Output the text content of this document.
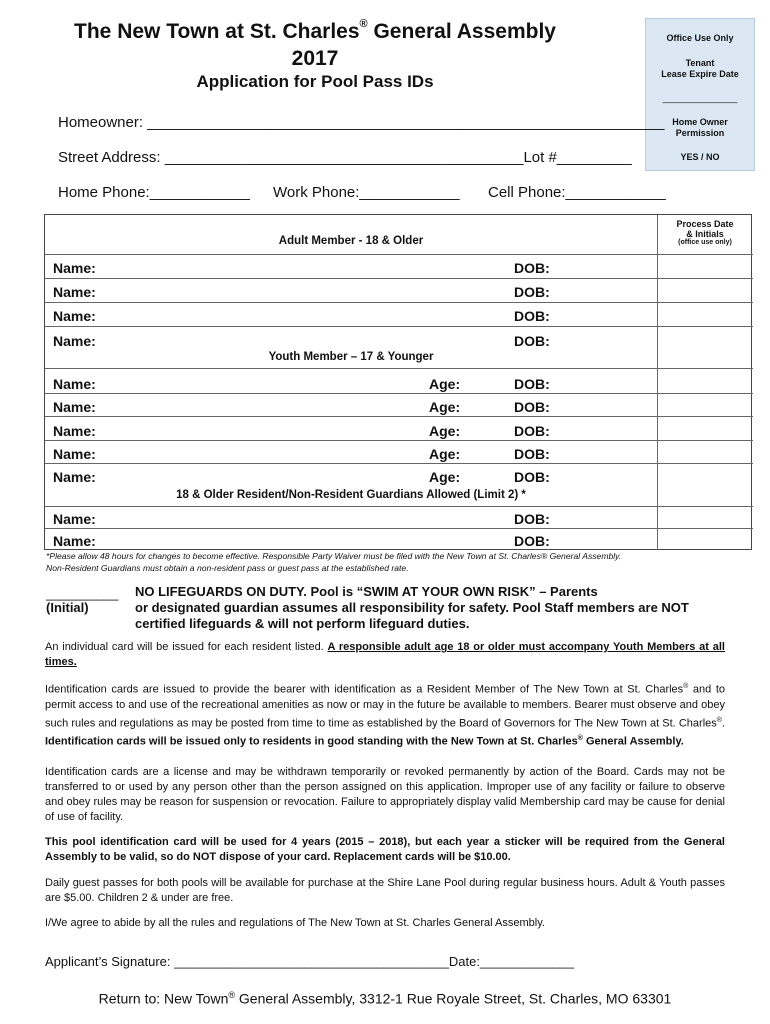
The New Town at St. Charles® General Assembly
2017
Application for Pool Pass IDs
Office Use Only
Tenant
Lease Expire Date
_______________
Home Owner
Permission
YES / NO
Homeowner: ______________________________________________________________
Street Address: ___________________________________________Lot #_________
Home Phone:____________ Work Phone:____________ Cell Phone:____________
Adult Member - 18 & Older
Process Date
& Initials
(office use only)
Name:	DOB:
Name:	DOB:
Name:	DOB:
Name:	DOB:
Youth Member – 17 & Younger
Name:	Age:	DOB:
Name:	Age:	DOB:
Name:	Age:	DOB:
Name:	Age:	DOB:
Name:	Age:	DOB:
18 & Older Resident/Non-Resident Guardians Allowed (Limit 2) *
Name:	DOB:
Name:	DOB:
*Please allow 48 hours for changes to become effective. Responsible Party Waiver must be filed with the New Town at St. Charles® General Assembly.
Non-Resident Guardians must obtain a non-resident pass or guest pass at the established rate.
__________
(Initial)
NO LIFEGUARDS ON DUTY. Pool is “SWIM AT YOUR OWN RISK” – Parents
or designated guardian assumes all responsibility for safety. Pool Staff members are NOT
certified lifeguards & will not perform lifeguard duties.
An individual card will be issued for each resident listed. A responsible adult age 18 or older must accompany Youth Members at all times.
Identification cards are issued to provide the bearer with identification as a Resident Member of The New Town at St. Charles® and to permit access to and use of the recreational amenities as now or may in the future be available to members. Bearer must observe and obey such rules and regulations as may be posted from time to time as established by the Board of Governors for The New Town at St. Charles®. Identification cards will be issued only to residents in good standing with the New Town at St. Charles® General Assembly.
Identification cards are a license and may be withdrawn temporarily or revoked permanently by action of the Board. Cards may not be transferred to or used by any person other than the person assigned on this application. Improper use of any facility or failure to observe and obey rules may be reason for suspension or revocation. Failure to appropriately display valid Membership card may be cause for denial of use of facility.
This pool identification card will be used for 4 years (2015 – 2018), but each year a sticker will be required from the General Assembly to be valid, so do NOT dispose of your card. Replacement cards will be $10.00.
Daily guest passes for both pools will be available for purchase at the Shire Lane Pool during regular business hours. Adult & Youth passes are $5.00. Children 2 & under are free.
I/We agree to abide by all the rules and regulations of The New Town at St. Charles General Assembly.
Applicant’s Signature: ______________________________________Date:_____________
Return to: New Town® General Assembly, 3312-1 Rue Royale Street, St. Charles, MO 63301
